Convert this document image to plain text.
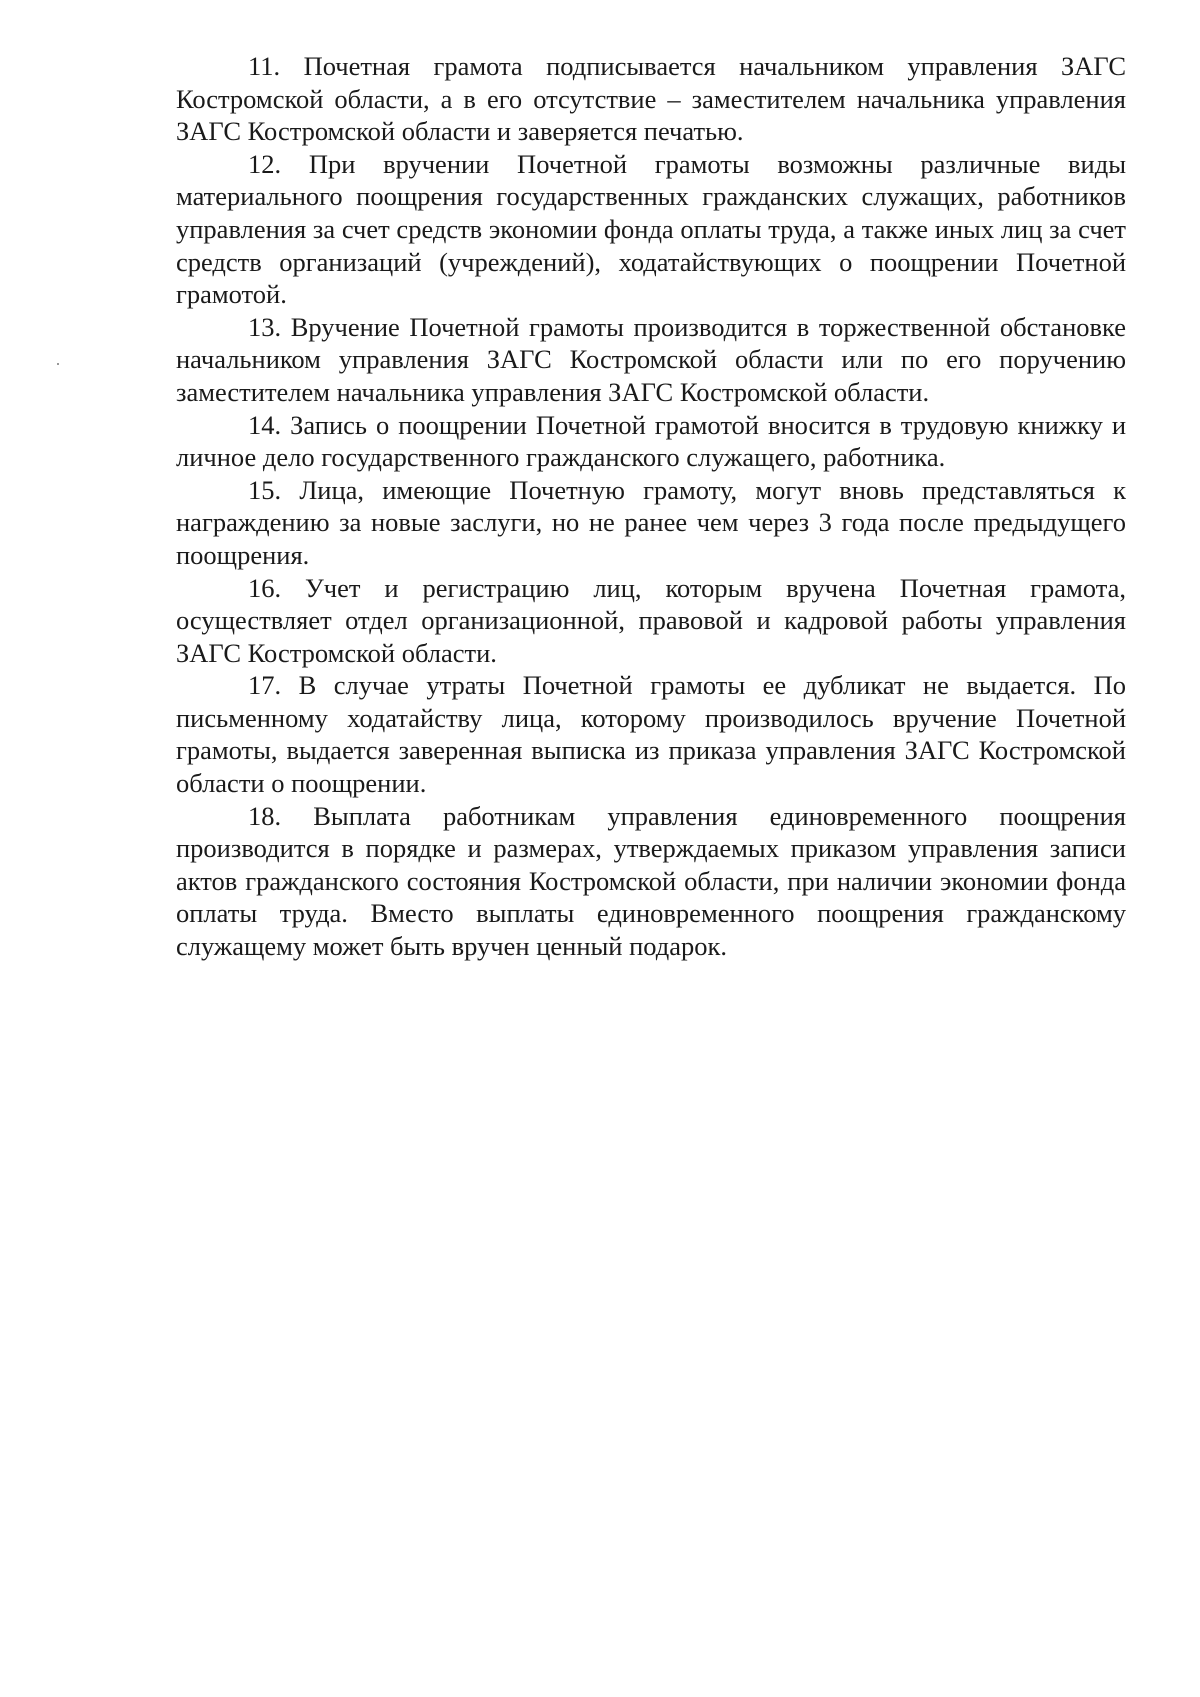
11. Почетная грамота подписывается начальником управления ЗАГС Костромской области, а в его отсутствие – заместителем начальника управления ЗАГС Костромской области и заверяется печатью.

12. При вручении Почетной грамоты возможны различные виды материального поощрения государственных гражданских служащих, работников управления за счет средств экономии фонда оплаты труда, а также иных лиц за счет средств организаций (учреждений), ходатайствующих о поощрении Почетной грамотой.

13. Вручение Почетной грамоты производится в торжественной обстановке начальником управления ЗАГС Костромской области или по его поручению заместителем начальника управления ЗАГС Костромской области.

14. Запись о поощрении Почетной грамотой вносится в трудовую книжку и личное дело государственного гражданского служащего, работника.

15. Лица, имеющие Почетную грамоту, могут вновь представляться к награждению за новые заслуги, но не ранее чем через 3 года после предыдущего поощрения.

16. Учет и регистрацию лиц, которым вручена Почетная грамота, осуществляет отдел организационной, правовой и кадровой работы управления ЗАГС Костромской области.

17. В случае утраты Почетной грамоты ее дубликат не выдается. По письменному ходатайству лица, которому производилось вручение Почетной грамоты, выдается заверенная выписка из приказа управления ЗАГС Костромской области о поощрении.

18. Выплата работникам управления единовременного поощрения производится в порядке и размерах, утверждаемых приказом управления записи актов гражданского состояния Костромской области, при наличии экономии фонда оплаты труда. Вместо выплаты единовременного поощрения гражданскому служащему может быть вручен ценный подарок.
